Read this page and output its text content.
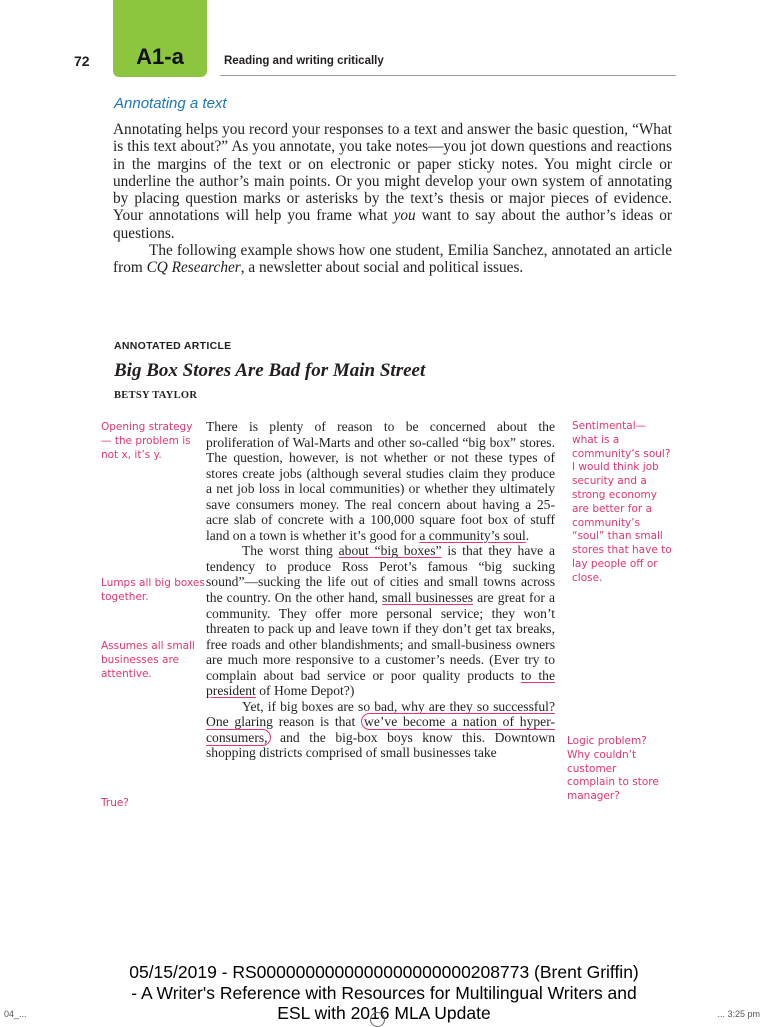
A1-a
72	Reading and writing critically
Annotating a text

Annotating helps you record your responses to a text and answer the basic question, “What is this text about?” As you annotate, you take notes—you jot down questions and reactions in the margins of the text or on electronic or paper sticky notes. You might circle or underline the author’s main points. Or you might develop your own system of annotating by placing question marks or asterisks by the text’s thesis or major pieces of evidence. Your annotations will help you frame what you want to say about the author’s ideas or questions.

The following example shows how one student, Emilia Sanchez, annotated an article from CQ Researcher, a newsletter about social and political issues.

ANNOTATED ARTICLE
Big Box Stores Are Bad for Main Street
BETSY TAYLOR

There is plenty of reason to be concerned about the proliferation of Wal-Marts and other so-called “big box” stores. The question, however, is not whether or not these types of stores create jobs (although several studies claim they produce a net job loss in local communities) or whether they ultimately save consumers money. The real concern about having a 25-acre slab of concrete with a 100,000 square foot box of stuff land on a town is whether it’s good for a community’s soul.

The worst thing about “big boxes” is that they have a tendency to produce Ross Perot’s famous “big sucking sound”—sucking the life out of cities and small towns across the country. On the other hand, small businesses are great for a community. They offer more personal service; they won’t threaten to pack up and leave town if they don’t get tax breaks, free roads and other blandishments; and small-business owners are much more responsive to a customer’s needs. (Ever try to complain about bad service or poor quality products to the president of Home Depot?)

Yet, if big boxes are so bad, why are they so successful? One glaring reason is that we’ve become a nation of hyper-consumers, and the big-box boys know this. Downtown shopping districts comprised of small businesses take

Opening strategy— the problem is not x, it’s y.
Lumps all big boxes together.
Assumes all small businesses are attentive.
True?
Sentimental— what is a community’s soul? I would think job security and a strong economy are better for a community’s “soul” than small stores that have to lay people off or close.
Logic problem? Why couldn’t customer complain to store manager?
05/15/2019 - RS0000000000000000000000208773 (Brent Griffin)
- A Writer's Reference with Resources for Multilingual Writers and
ESL with 2016 MLA Update
04_...	... 3:25 pm
